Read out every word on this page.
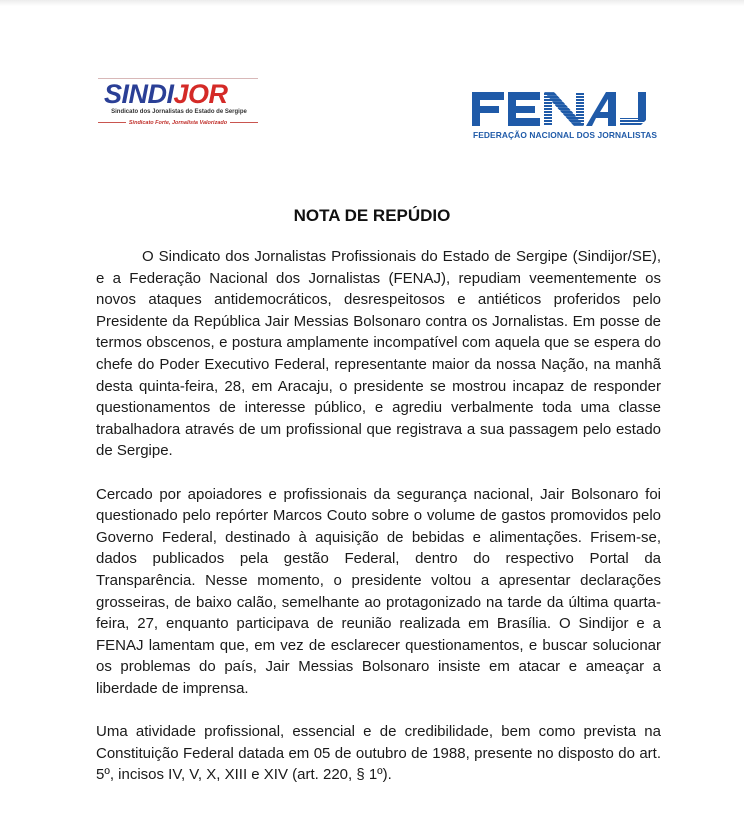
SINDIJOR
Sindicato dos Jornalistas do Estado de Sergipe
Sindicato Forte, Jornalista Valorizado
FEDERAÇÃO NACIONAL DOS JORNALISTAS
NOTA DE REPÚDIO

O Sindicato dos Jornalistas Profissionais do Estado de Sergipe (Sindijor/SE), e a Federação Nacional dos Jornalistas (FENAJ), repudiam veementemente os novos ataques antidemocráticos, desrespeitosos e antiéticos proferidos pelo Presidente da República Jair Messias Bolsonaro contra os Jornalistas. Em posse de termos obscenos, e postura amplamente incompatível com aquela que se espera do chefe do Poder Executivo Federal, representante maior da nossa Nação, na manhã desta quinta-feira, 28, em Aracaju, o presidente se mostrou incapaz de responder questionamentos de interesse público, e agrediu verbalmente toda uma classe trabalhadora através de um profissional que registrava a sua passagem pelo estado de Sergipe.

Cercado por apoiadores e profissionais da segurança nacional, Jair Bolsonaro foi questionado pelo repórter Marcos Couto sobre o volume de gastos promovidos pelo Governo Federal, destinado à aquisição de bebidas e alimentações. Frisem-se, dados publicados pela gestão Federal, dentro do respectivo Portal da Transparência. Nesse momento, o presidente voltou a apresentar declarações grosseiras, de baixo calão, semelhante ao protagonizado na tarde da última quarta-feira, 27, enquanto participava de reunião realizada em Brasília. O Sindijor e a FENAJ lamentam que, em vez de esclarecer questionamentos, e buscar solucionar os problemas do país, Jair Messias Bolsonaro insiste em atacar e ameaçar a liberdade de imprensa.

Uma atividade profissional, essencial e de credibilidade, bem como prevista na Constituição Federal datada em 05 de outubro de 1988, presente no disposto do art. 5º, incisos IV, V, X, XIII e XIV (art. 220, § 1º).
